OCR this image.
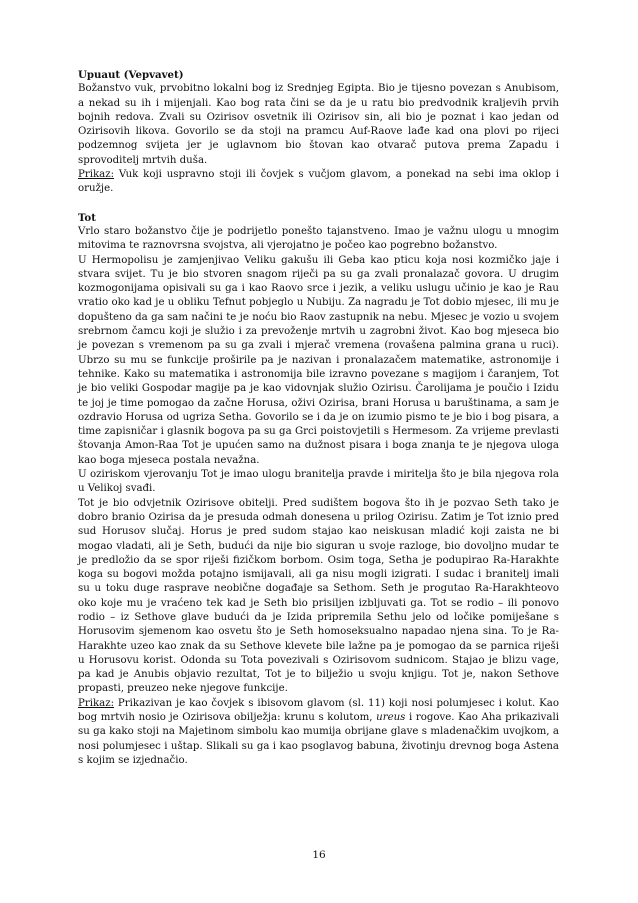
Upuaut (Vepvavet)

Božanstvo vuk, prvobitno lokalni bog iz Srednjeg Egipta. Bio je tijesno povezan s Anubisom, a nekad su ih i mijenjali. Kao bog rata čini se da je u ratu bio predvodnik kraljevih prvih bojnih redova. Zvali su Ozirisov osvetnik ili Ozirisov sin, ali bio je poznat i kao jedan od Ozirisovih likova. Govorilo se da stoji na pramcu Auf-Raove lađe kad ona plovi po rijeci podzemnog svijeta jer je uglavnom bio štovan kao otvarač putova prema Zapadu i sprovoditelj mrtvih duša.

Prikaz: Vuk koji uspravno stoji ili čovjek s vučjom glavom, a ponekad na sebi ima oklop i oružje.

Tot

Vrlo staro božanstvo čije je podrijetlo ponešto tajanstveno. Imao je važnu ulogu u mnogim mitovima te raznovrsna svojstva, ali vjerojatno je počeo kao pogrebno božanstvo.

U Hermopolisu je zamjenjivao Veliku gakušu ili Geba kao pticu koja nosi kozmičko jaje i stvara svijet. Tu je bio stvoren snagom riječi pa su ga zvali pronalazač govora. U drugim kozmogonijama opisivali su ga i kao Raovo srce i jezik, a veliku uslugu učinio je kao je Rau vratio oko kad je u obliku Tefnut pobjeglo u Nubiju. Za nagradu je Tot dobio mjesec, ili mu je dopušteno da ga sam načini te je noću bio Raov zastupnik na nebu. Mjesec je vozio u svojem srebrnom čamcu koji je služio i za prevoženje mrtvih u zagrobni život. Kao bog mjeseca bio je povezan s vremenom pa su ga zvali i mjerač vremena (rovašena palmina grana u ruci). Ubrzo su mu se funkcije proširile pa je nazivan i pronalazačem matematike, astronomije i tehnike. Kako su matematika i astronomija bile izravno povezane s magijom i čaranjem, Tot je bio veliki Gospodar magije pa je kao vidovnjak služio Ozirisu. Čarolijama je poučio i Izidu te joj je time pomogao da začne Horusa, oživi Ozirisa, brani Horusa u baruštinama, a sam je ozdravio Horusa od ugriza Setha. Govorilo se i da je on izumio pismo te je bio i bog pisara, a time zapisničar i glasnik bogova pa su ga Grci poistovjetili s Hermesom. Za vrijeme prevlasti štovanja Amon-Raa Tot je upućen samo na dužnost pisara i boga znanja te je njegova uloga kao boga mjeseca postala nevažna.

U oziriskom vjerovanju Tot je imao ulogu branitelja pravde i miritelja što je bila njegova rola u Velikoj svađi.

Tot je bio odvjetnik Ozirisove obitelji. Pred sudištem bogova što ih je pozvao Seth tako je dobro branio Ozirisa da je presuda odmah donesena u prilog Ozirisu. Zatim je Tot iznio pred sud Horusov slučaj. Horus je pred sudom stajao kao neiskusan mladić koji zaista ne bi mogao vladati, ali je Seth, budući da nije bio siguran u svoje razloge, bio dovoljno mudar te je predložio da se spor riješi fizičkom borbom. Osim toga, Setha je podupirao Ra-Harakhte koga su bogovi možda potajno ismijavali, ali ga nisu mogli izigrati. I sudac i branitelj imali su u toku duge rasprave neobične događaje sa Sethom. Seth je progutao Ra-Harakhteovo oko koje mu je vraćeno tek kad je Seth bio prisiljen izbljuvati ga. Tot se rodio – ili ponovo rodio – iz Sethove glave budući da je Izida pripremila Sethu jelo od ločike pomiješane s Horusovim sjemenom kao osvetu što je Seth homoseksualno napadao njena sina. To je Ra-Harakhte uzeo kao znak da su Sethove klevete bile lažne pa je pomogao da se parnica riješi u Horusovu korist. Odonda su Tota povezivali s Ozirisovom sudnicom. Stajao je blizu vage, pa kad je Anubis objavio rezultat, Tot je to bilježio u svoju knjigu. Tot je, nakon Sethove propasti, preuzeo neke njegove funkcije.

Prikaz: Prikazivan je kao čovjek s ibisovom glavom (sl. 11) koji nosi polumjesec i kolut. Kao bog mrtvih nosio je Ozirisova obilježja: krunu s kolutom, ureus i rogove. Kao Aha prikazivali su ga kako stoji na Majetinom simbolu kao mumija obrijane glave s mladenačkim uvojkom, a nosi polumjesec i uštap. Slikali su ga i kao psoglavog babuna, životinju drevnog boga Astena s kojim se izjednačio.

16
